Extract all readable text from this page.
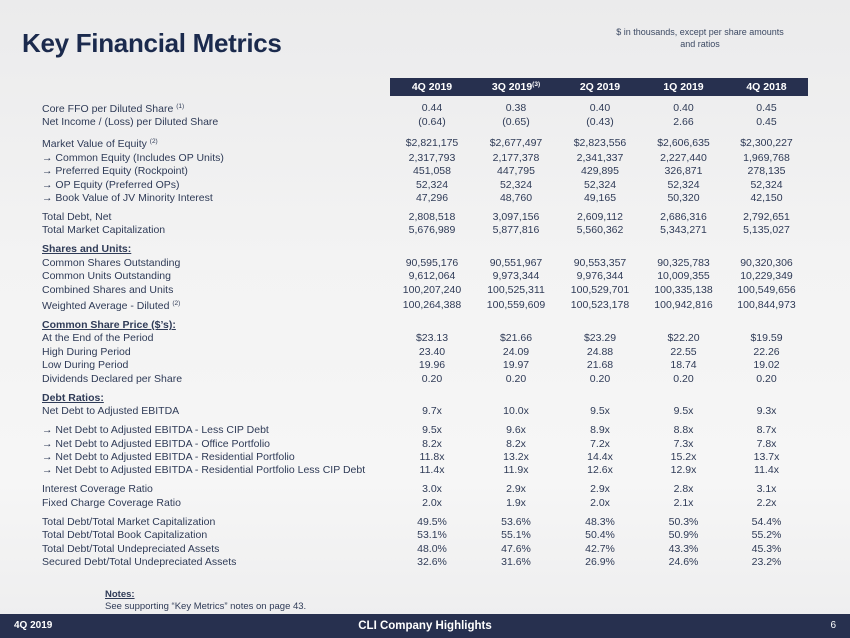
Key Financial Metrics	$ in thousands, except per share amounts
and ratios
	4Q 2019	3Q 2019$^{(3)}$	2Q 2019	1Q 2019	4Q 2018

Core FFO per Diluted Share $^{(1)}$	0.44	0.38	0.40	0.40	0.45
Net Income / (Loss) per Diluted Share	(0.64)	(0.65)	(0.43)	2.66	0.45

Market Value of Equity $^{(2)}$	$2,821,175	$2,677,497	$2,823,556	$2,606,635	$2,300,227
→ Common Equity (Includes OP Units)	2,317,793	2,177,378	2,341,337	2,227,440	1,969,768
→ Preferred Equity (Rockpoint)	451,058	447,795	429,895	326,871	278,135
→ OP Equity (Preferred OPs)	52,324	52,324	52,324	52,324	52,324
→ Book Value of JV Minority Interest	47,296	48,760	49,165	50,320	42,150

Total Debt, Net	2,808,518	3,097,156	2,609,112	2,686,316	2,792,651
Total Market Capitalization	5,676,989	5,877,816	5,560,362	5,343,271	5,135,027

Shares and Units:					
Common Shares Outstanding	90,595,176	90,551,967	90,553,357	90,325,783	90,320,306
Common Units Outstanding	9,612,064	9,973,344	9,976,344	10,009,355	10,229,349
Combined Shares and Units	100,207,240	100,525,311	100,529,701	100,335,138	100,549,656
Weighted Average - Diluted $^{(2)}$	100,264,388	100,559,609	100,523,178	100,942,816	100,844,973

Common Share Price ($’s):					
At the End of the Period	$23.13	$21.66	$23.29	$22.20	$19.59
High During Period	23.40	24.09	24.88	22.55	22.26
Low During Period	19.96	19.97	21.68	18.74	19.02
Dividends Declared per Share	0.20	0.20	0.20	0.20	0.20

Debt Ratios:					
Net Debt to Adjusted EBITDA	9.7x	10.0x	9.5x	9.5x	9.3x

→ Net Debt to Adjusted EBITDA - Less CIP Debt	9.5x	9.6x	8.9x	8.8x	8.7x
→ Net Debt to Adjusted EBITDA - Office Portfolio	8.2x	8.2x	7.2x	7.3x	7.8x
→ Net Debt to Adjusted EBITDA - Residential Portfolio	11.8x	13.2x	14.4x	15.2x	13.7x
→ Net Debt to Adjusted EBITDA - Residential Portfolio Less CIP Debt	11.4x	11.9x	12.6x	12.9x	11.4x

Interest Coverage Ratio	3.0x	2.9x	2.9x	2.8x	3.1x
Fixed Charge Coverage Ratio	2.0x	1.9x	2.0x	2.1x	2.2x

Total Debt/Total Market Capitalization	49.5%	53.6%	48.3%	50.3%	54.4%
Total Debt/Total Book Capitalization	53.1%	55.1%	50.4%	50.9%	55.2%
Total Debt/Total Undepreciated Assets	48.0%	47.6%	42.7%	43.3%	45.3%
Secured Debt/Total Undepreciated Assets	32.6%	31.6%	26.9%	24.6%	23.2%
Notes:
See supporting “Key Metrics” notes on page 43.
4Q 2019	CLI Company Highlights	6
